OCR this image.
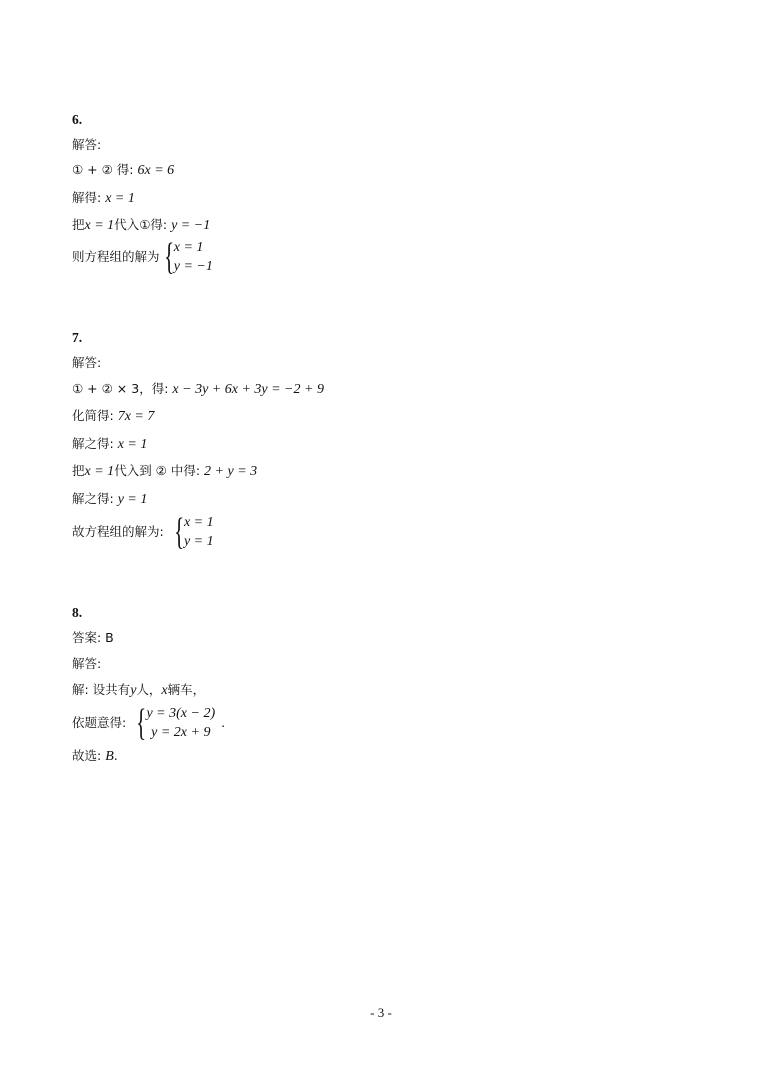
6.
解答:
① + ② 得: 6x = 6
解得: x = 1
把x = 1代入①得: y = −1
则方程组的解为 { x = 1
y = −1
7.
解答:
① + ② × 3，得: x − 3y + 6x + 3y = −2 + 9
化简得: 7x = 7
解之得: x = 1
把x = 1代入到 ② 中得: 2 + y = 3
解之得: y = 1
故方程组的解为: { x = 1
y = 1
8.
答案: B
解答:
解: 设共有y人，x辆车，
依题意得: { y = 3(x − 2)
y = 2x + 9
.
故选: B.
- 3 -
